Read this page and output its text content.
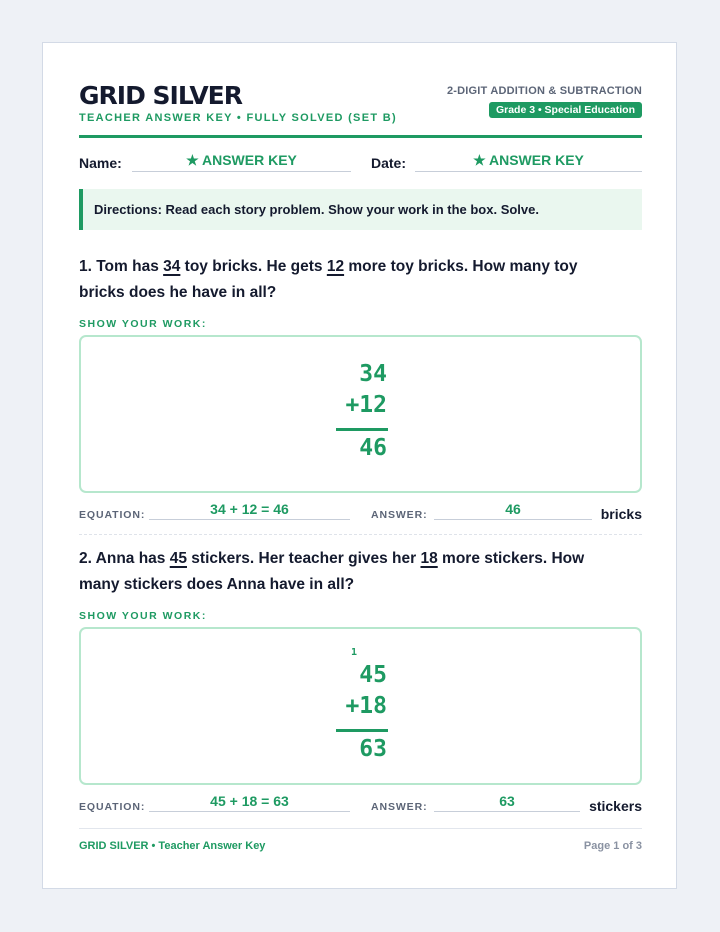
GRID SILVER
TEACHER ANSWER KEY • FULLY SOLVED (SET B)
2-DIGIT ADDITION & SUBTRACTION
Grade 3 • Special Education
Name:	★ ANSWER KEY	Date:	★ ANSWER KEY
Directions: Read each story problem. Show your work in the box. Solve.

1. Tom has 34 toy bricks. He gets 12 more toy bricks. How many toy bricks does he have in all?

SHOW YOUR WORK:
34
+12
46
EQUATION:	34 + 12 = 46	ANSWER:	46	bricks

2. Anna has 45 stickers. Her teacher gives her 18 more stickers. How many stickers does Anna have in all?

SHOW YOUR WORK:
1
45
+18
63
EQUATION:	45 + 18 = 63	ANSWER:	63	stickers
GRID SILVER • Teacher Answer Key	Page 1 of 3
